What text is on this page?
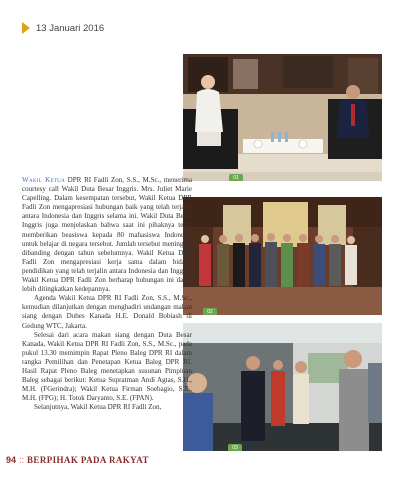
13 Januari 2016
01
02
03

Wakil Ketua DPR RI Fadli Zon, S.S., M.Sc., menerima courtesy call Wakil Duta Besar Inggris. Mrs. Juliet Marie Capelling. Dalam kesempatan tersebut, Wakil Ketua DPR Fadli Zon mengapresiasi hubungan baik yang telah terjalin antara Indonesia dan Inggris selama ini. Wakil Duta Besar Inggris juga menjelaskan bahwa saat ini pihaknya telah memberikan beasiswa kepada 80 mahasiswa Indonesia untuk belajar di negara tersebut. Jumlah tersebut meningkat dibanding dengan tahun sebelumnya. Wakil Ketua DPR Fadli Zon mengapresiasi kerja sama dalam bidang pendidikan yang telah terjalin antara Indonesia dan Inggris. Wakil Ketua DPR Fadli Zon berharap hubungan ini dapat lebih ditingkatkan kedepannya.

Agenda Wakil Ketua DPR RI Fadli Zon, S.S., M.Sc., kemudian dilanjutkan dengan menghadiri undangan makan siang dengan Dubes Kanada H.E. Donald Bobiash di Gedung WTC, Jakarta.

Selesai dari acara makan siang dengan Duta Besar Kanada, Wakil Ketua DPR RI Fadli Zon, S.S., M.Sc., pada pukul 13.30 memimpin Rapat Pleno Baleg DPR RI dalam rangka Pemilihan dan Penetapan Ketua Baleg DPR RI. Hasil Rapat Pleno Baleg menetapkan susunan Pimpinan Baleg sebagai berikut: Ketua Supratman Andi Agtas, S.H., M.H. (FGerindra); Wakil Ketua Firman Soebagio, S.E., M.H. (FPG); H. Totok Daryanto, S.E. (FPAN).

Selanjutnya, Wakil Ketua DPR RI Fadli Zon,

94 :: BERPIHAK PADA RAKYAT
